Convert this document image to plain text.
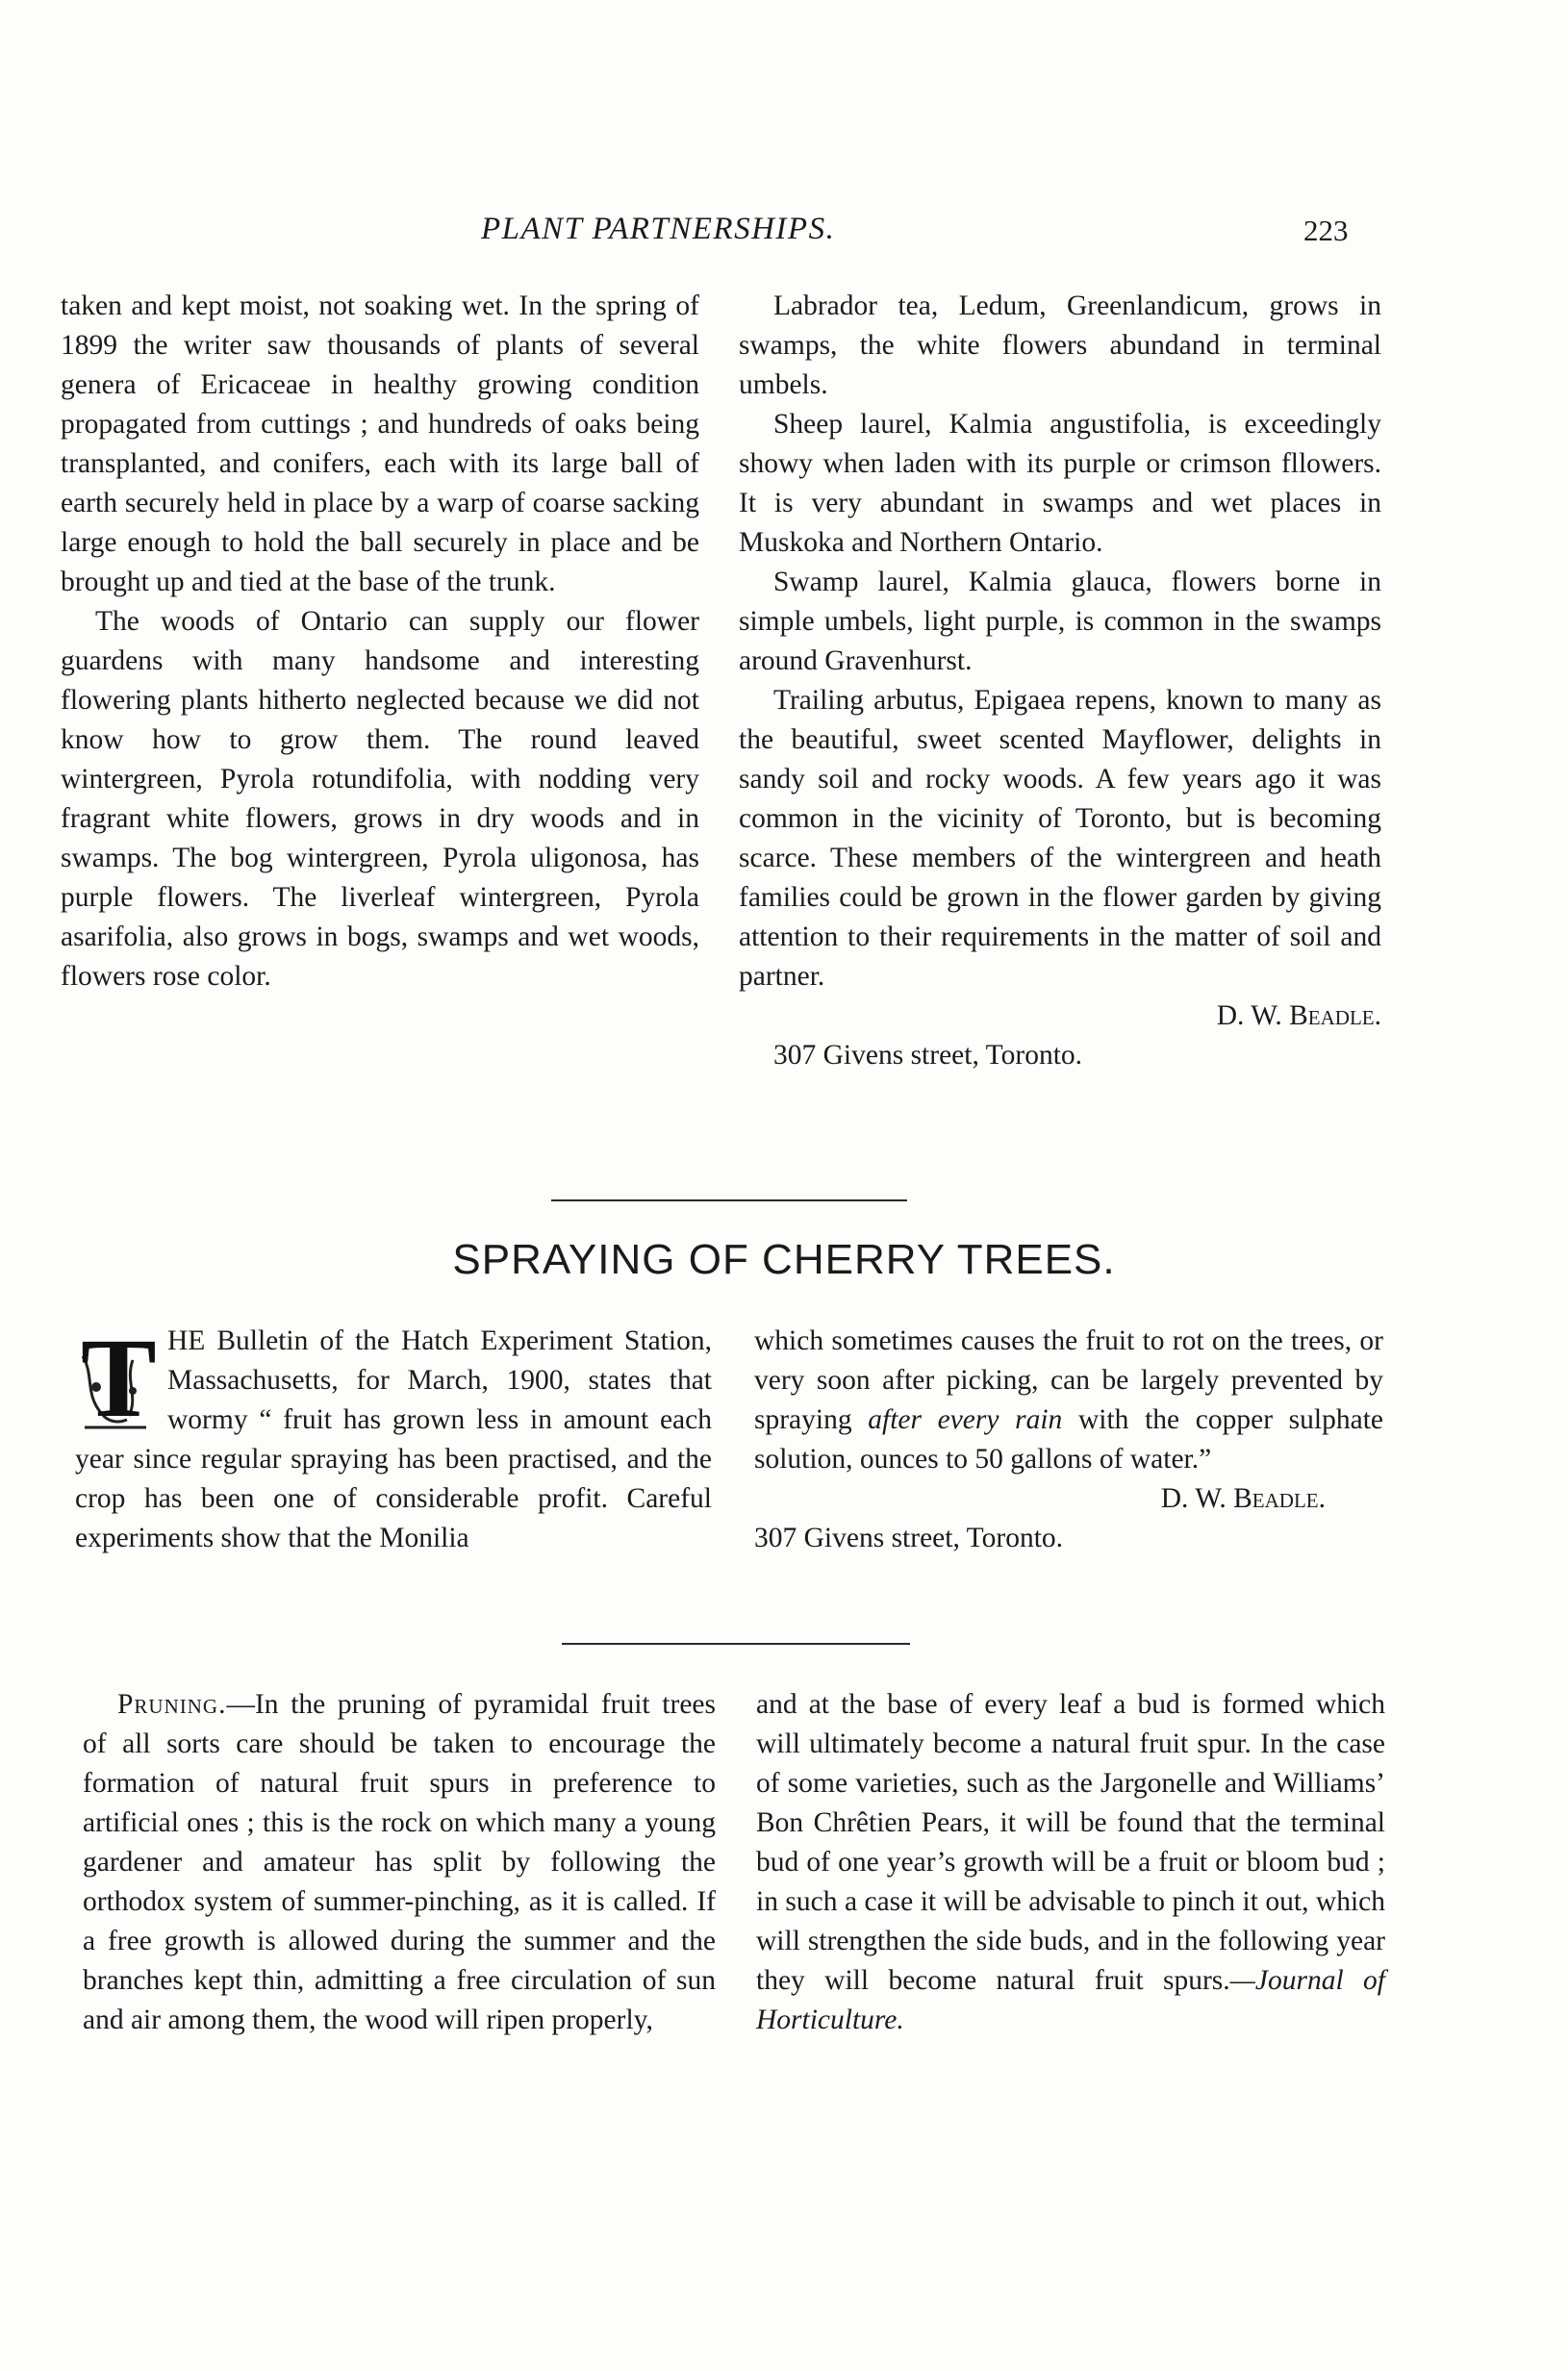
PLANT PARTNERSHIPS.	223

taken and kept moist, not soaking wet. In the spring of 1899 the writer saw thousands of plants of several genera of Ericaceae in healthy growing condition propagated from cuttings ; and hundreds of oaks being transplanted, and conifers, each with its large ball of earth securely held in place by a warp of coarse sacking large enough to hold the ball securely in place and be brought up and tied at the base of the trunk.

The woods of Ontario can supply our flower guardens with many handsome and interesting flowering plants hitherto neglected because we did not know how to grow them. The round leaved wintergreen, Pyrola rotundifolia, with nodding very fragrant white flowers, grows in dry woods and in swamps. The bog wintergreen, Pyrola uligonosa, has purple flowers. The liverleaf wintergreen, Pyrola asarifolia, also grows in bogs, swamps and wet woods, flowers rose color.

Labrador tea, Ledum, Greenlandicum, grows in swamps, the white flowers abundand in terminal umbels.

Sheep laurel, Kalmia angustifolia, is exceedingly showy when laden with its purple or crimson fllowers. It is very abundant in swamps and wet places in Muskoka and Northern Ontario.

Swamp laurel, Kalmia glauca, flowers borne in simple umbels, light purple, is common in the swamps around Gravenhurst.

Trailing arbutus, Epigaea repens, known to many as the beautiful, sweet scented Mayflower, delights in sandy soil and rocky woods. A few years ago it was common in the vicinity of Toronto, but is becoming scarce. These members of the wintergreen and heath families could be grown in the flower garden by giving attention to their requirements in the matter of soil and partner.

D. W. Beadle.
307 Givens street, Toronto.
SPRAYING OF CHERRY TREES.
T HE Bulletin of the Hatch Experiment Station, Massachusetts, for March, 1900, states that wormy “ fruit has grown less in amount each year since regular spraying has been practised, and the crop has been one of considerable profit. Careful experiments show that the Monilia

which sometimes causes the fruit to rot on the trees, or very soon after picking, can be largely prevented by spraying after every rain with the copper sulphate solution, ounces to 50 gallons of water.”

D. W. Beadle.
307 Givens street, Toronto.

Pruning.—In the pruning of pyramidal fruit trees of all sorts care should be taken to encourage the formation of natural fruit spurs in preference to artificial ones ; this is the rock on which many a young gardener and amateur has split by following the orthodox system of summer-pinching, as it is called. If a free growth is allowed during the summer and the branches kept thin, admitting a free circulation of sun and air among them, the wood will ripen properly,

and at the base of every leaf a bud is formed which will ultimately become a natural fruit spur. In the case of some varieties, such as the Jargonelle and Williams’ Bon Chrêtien Pears, it will be found that the terminal bud of one year’s growth will be a fruit or bloom bud ; in such a case it will be advisable to pinch it out, which will strengthen the side buds, and in the following year they will become natural fruit spurs.—Journal of Horticulture.
